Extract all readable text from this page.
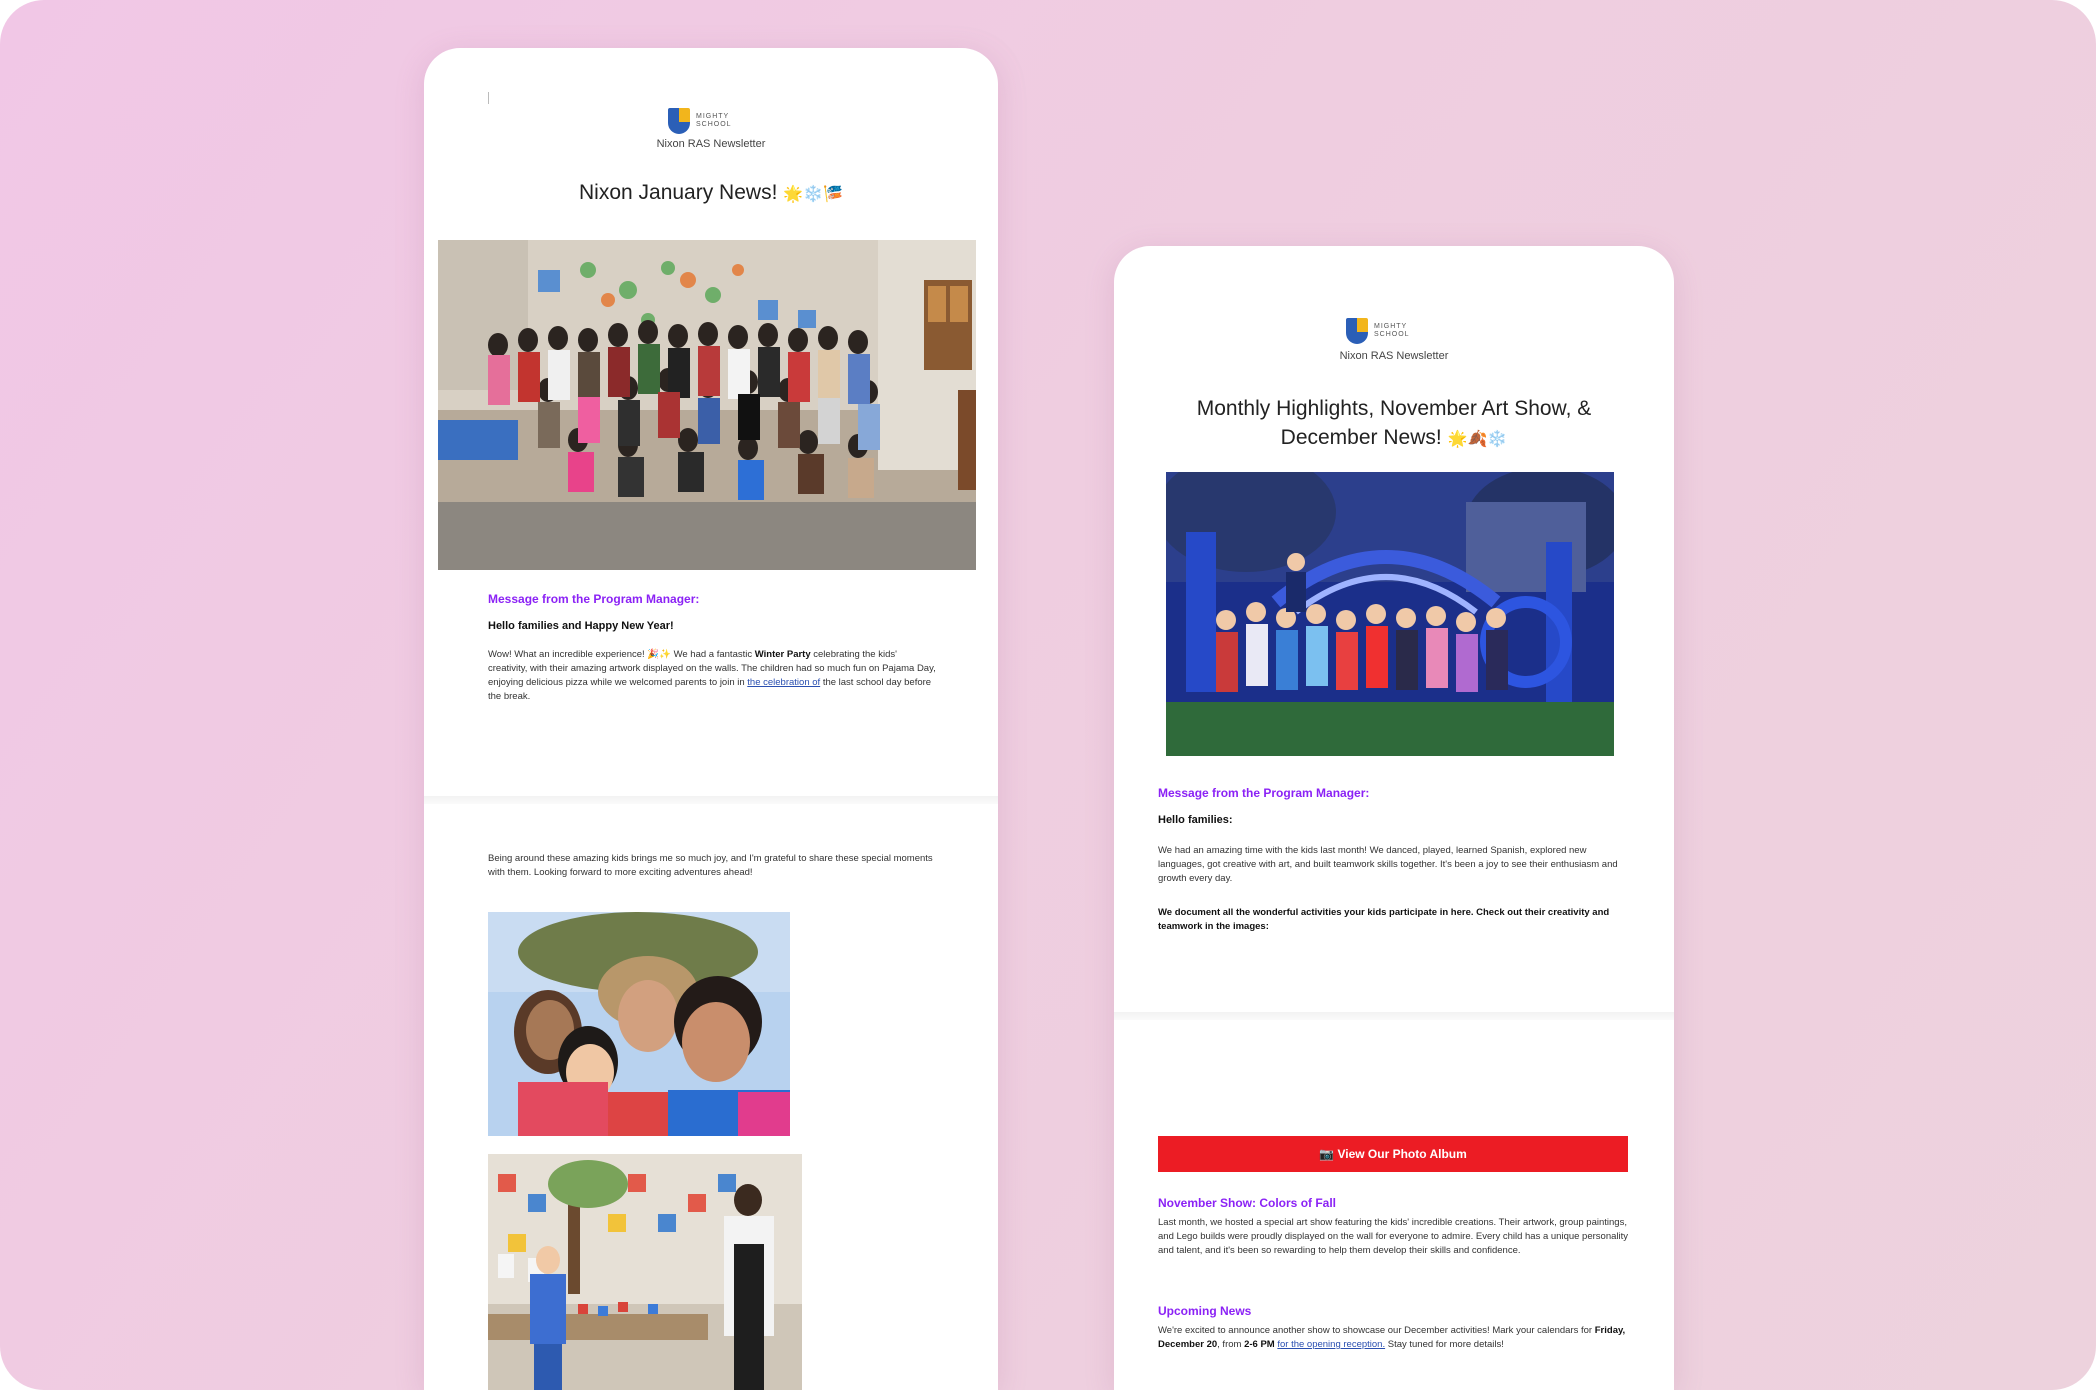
MIGHTY
SCHOOL
Nixon RAS Newsletter
Nixon January News! 🌟❄️🎏
Message from the Program Manager:
Hello families and Happy New Year!
Wow! What an incredible experience! 🎉✨ We had a fantastic Winter Party celebrating the kids' creativity, with their amazing artwork displayed on the walls. The children had so much fun on Pajama Day, enjoying delicious pizza while we welcomed parents to join in the celebration of the last school day before the break.
Being around these amazing kids brings me so much joy, and I'm grateful to share these special moments with them. Looking forward to more exciting adventures ahead!
MIGHTY
SCHOOL
Nixon RAS Newsletter
Monthly Highlights, November Art Show, &
December News! 🌟🍂❄️
Message from the Program Manager:
Hello families:
We had an amazing time with the kids last month! We danced, played, learned Spanish, explored new languages, got creative with art, and built teamwork skills together. It's been a joy to see their enthusiasm and growth every day.
We document all the wonderful activities your kids participate in here. Check out their creativity and teamwork in the images:
📷 View Our Photo Album
November Show: Colors of Fall
Last month, we hosted a special art show featuring the kids' incredible creations. Their artwork, group paintings, and Lego builds were proudly displayed on the wall for everyone to admire. Every child has a unique personality and talent, and it's been so rewarding to help them develop their skills and confidence.
Upcoming News
We're excited to announce another show to showcase our December activities! Mark your calendars for Friday, December 20, from 2-6 PM for the opening reception. Stay tuned for more details!
